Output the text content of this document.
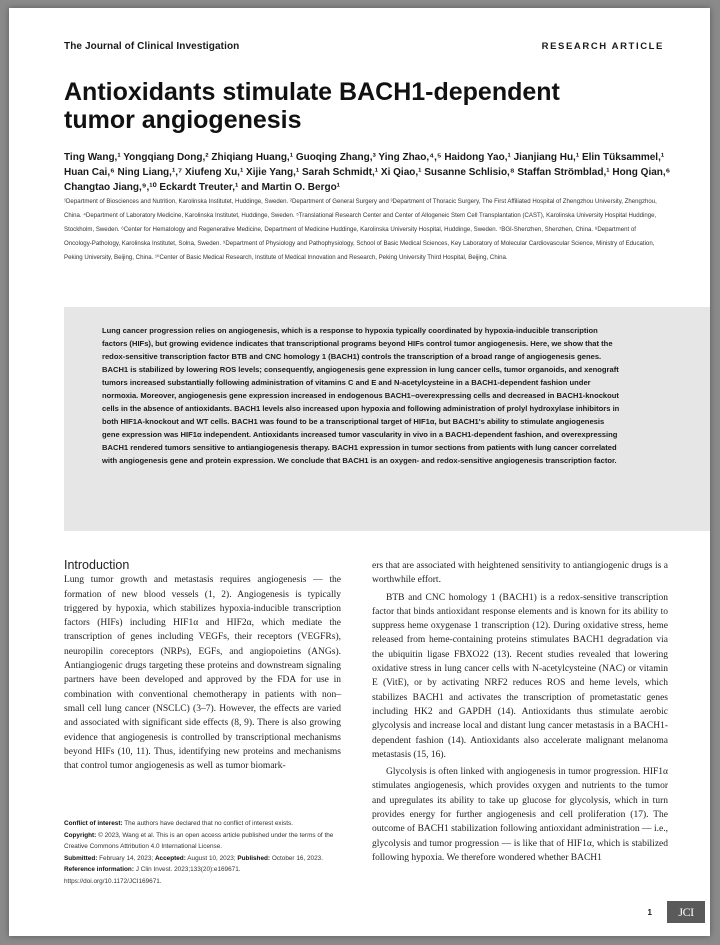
The Journal of Clinical Investigation	RESEARCH ARTICLE
Antioxidants stimulate BACH1-dependent tumor angiogenesis
Ting Wang,¹ Yongqiang Dong,² Zhiqiang Huang,¹ Guoqing Zhang,³ Ying Zhao,⁴,⁵ Haidong Yao,¹ Jianjiang Hu,¹ Elin Tüksammel,¹ Huan Cai,⁶ Ning Liang,¹,⁷ Xiufeng Xu,¹ Xijie Yang,¹ Sarah Schmidt,¹ Xi Qiao,¹ Susanne Schlisio,⁸ Staffan Strömblad,¹ Hong Qian,⁶ Changtao Jiang,⁹,¹⁰ Eckardt Treuter,¹ and Martin O. Bergo¹
¹Department of Biosciences and Nutrition, Karolinska Institutet, Huddinge, Sweden. ²Department of General Surgery and ³Department of Thoracic Surgery, The First Affiliated Hospital of Zhengzhou University, Zhengzhou, China. ⁴Department of Laboratory Medicine, Karolinska Institutet, Huddinge, Sweden. ⁵Translational Research Center and Center of Allogeneic Stem Cell Transplantation (CAST), Karolinska University Hospital Huddinge, Stockholm, Sweden. ⁶Center for Hematology and Regenerative Medicine, Department of Medicine Huddinge, Karolinska University Hospital, Huddinge, Sweden. ⁷BGI-Shenzhen, Shenzhen, China. ⁸Department of Oncology-Pathology, Karolinska Institutet, Solna, Sweden. ⁹Department of Physiology and Pathophysiology, School of Basic Medical Sciences, Key Laboratory of Molecular Cardiovascular Science, Ministry of Education, Peking University, Beijing, China. ¹⁰Center of Basic Medical Research, Institute of Medical Innovation and Research, Peking University Third Hospital, Beijing, China.

Lung cancer progression relies on angiogenesis, which is a response to hypoxia typically coordinated by hypoxia-inducible transcription factors (HIFs), but growing evidence indicates that transcriptional programs beyond HIFs control tumor angiogenesis. Here, we show that the redox-sensitive transcription factor BTB and CNC homology 1 (BACH1) controls the transcription of a broad range of angiogenesis genes. BACH1 is stabilized by lowering ROS levels; consequently, angiogenesis gene expression in lung cancer cells, tumor organoids, and xenograft tumors increased substantially following administration of vitamins C and E and N-acetylcysteine in a BACH1-dependent fashion under normoxia. Moreover, angiogenesis gene expression increased in endogenous BACH1–overexpressing cells and decreased in BACH1-knockout cells in the absence of antioxidants. BACH1 levels also increased upon hypoxia and following administration of prolyl hydroxylase inhibitors in both HIF1A-knockout and WT cells. BACH1 was found to be a transcriptional target of HIF1α, but BACH1's ability to stimulate angiogenesis gene expression was HIF1α independent. Antioxidants increased tumor vascularity in vivo in a BACH1-dependent fashion, and overexpressing BACH1 rendered tumors sensitive to antiangiogenesis therapy. BACH1 expression in tumor sections from patients with lung cancer correlated with angiogenesis gene and protein expression. We conclude that BACH1 is an oxygen- and redox-sensitive angiogenesis transcription factor.

Introduction

Lung tumor growth and metastasis requires angiogenesis — the formation of new blood vessels (1, 2). Angiogenesis is typically triggered by hypoxia, which stabilizes hypoxia-inducible transcription factors (HIFs) including HIF1α and HIF2α, which mediate the transcription of genes including VEGFs, their receptors (VEGFRs), neuropilin coreceptors (NRPs), EGFs, and angiopoietins (ANGs). Antiangiogenic drugs targeting these proteins and downstream signaling partners have been developed and approved by the FDA for use in combination with conventional chemotherapy in patients with non–small cell lung cancer (NSCLC) (3–7). However, the effects are varied and associated with significant side effects (8, 9). There is also growing evidence that angiogenesis is controlled by transcriptional mechanisms beyond HIFs (10, 11). Thus, identifying new proteins and mechanisms that control tumor angiogenesis as well as tumor biomark-

ers that are associated with heightened sensitivity to antiangiogenic drugs is a worthwhile effort.

BTB and CNC homology 1 (BACH1) is a redox-sensitive transcription factor that binds antioxidant response elements and is known for its ability to suppress heme oxygenase 1 transcription (12). During oxidative stress, heme released from heme-containing proteins stimulates BACH1 degradation via the ubiquitin ligase FBXO22 (13). Recent studies revealed that lowering oxidative stress in lung cancer cells with N-acetylcysteine (NAC) or vitamin E (VitE), or by activating NRF2 reduces ROS and heme levels, which stabilizes BACH1 and activates the transcription of prometastatic genes including HK2 and GAPDH (14). Antioxidants thus stimulate aerobic glycolysis and increase local and distant lung cancer metastasis in a BACH1-dependent fashion (14). Antioxidants also accelerate malignant melanoma metastasis (15, 16).

Glycolysis is often linked with angiogenesis in tumor progression. HIF1α stimulates angiogenesis, which provides oxygen and nutrients to the tumor and upregulates its ability to take up glucose for glycolysis, which in turn provides energy for further angiogenesis and cell proliferation (17). The outcome of BACH1 stabilization following antioxidant administration — i.e., glycolysis and tumor progression — is like that of HIF1α, which is stabilized following hypoxia. We therefore wondered whether BACH1

Conflict of interest: The authors have declared that no conflict of interest exists.
Copyright: © 2023, Wang et al. This is an open access article published under the terms of the Creative Commons Attribution 4.0 International License.
Submitted: February 14, 2023; Accepted: August 10, 2023; Published: October 16, 2023.
Reference information: J Clin Invest. 2023;133(20):e169671.
https://doi.org/10.1172/JCI169671.
1	JCI
